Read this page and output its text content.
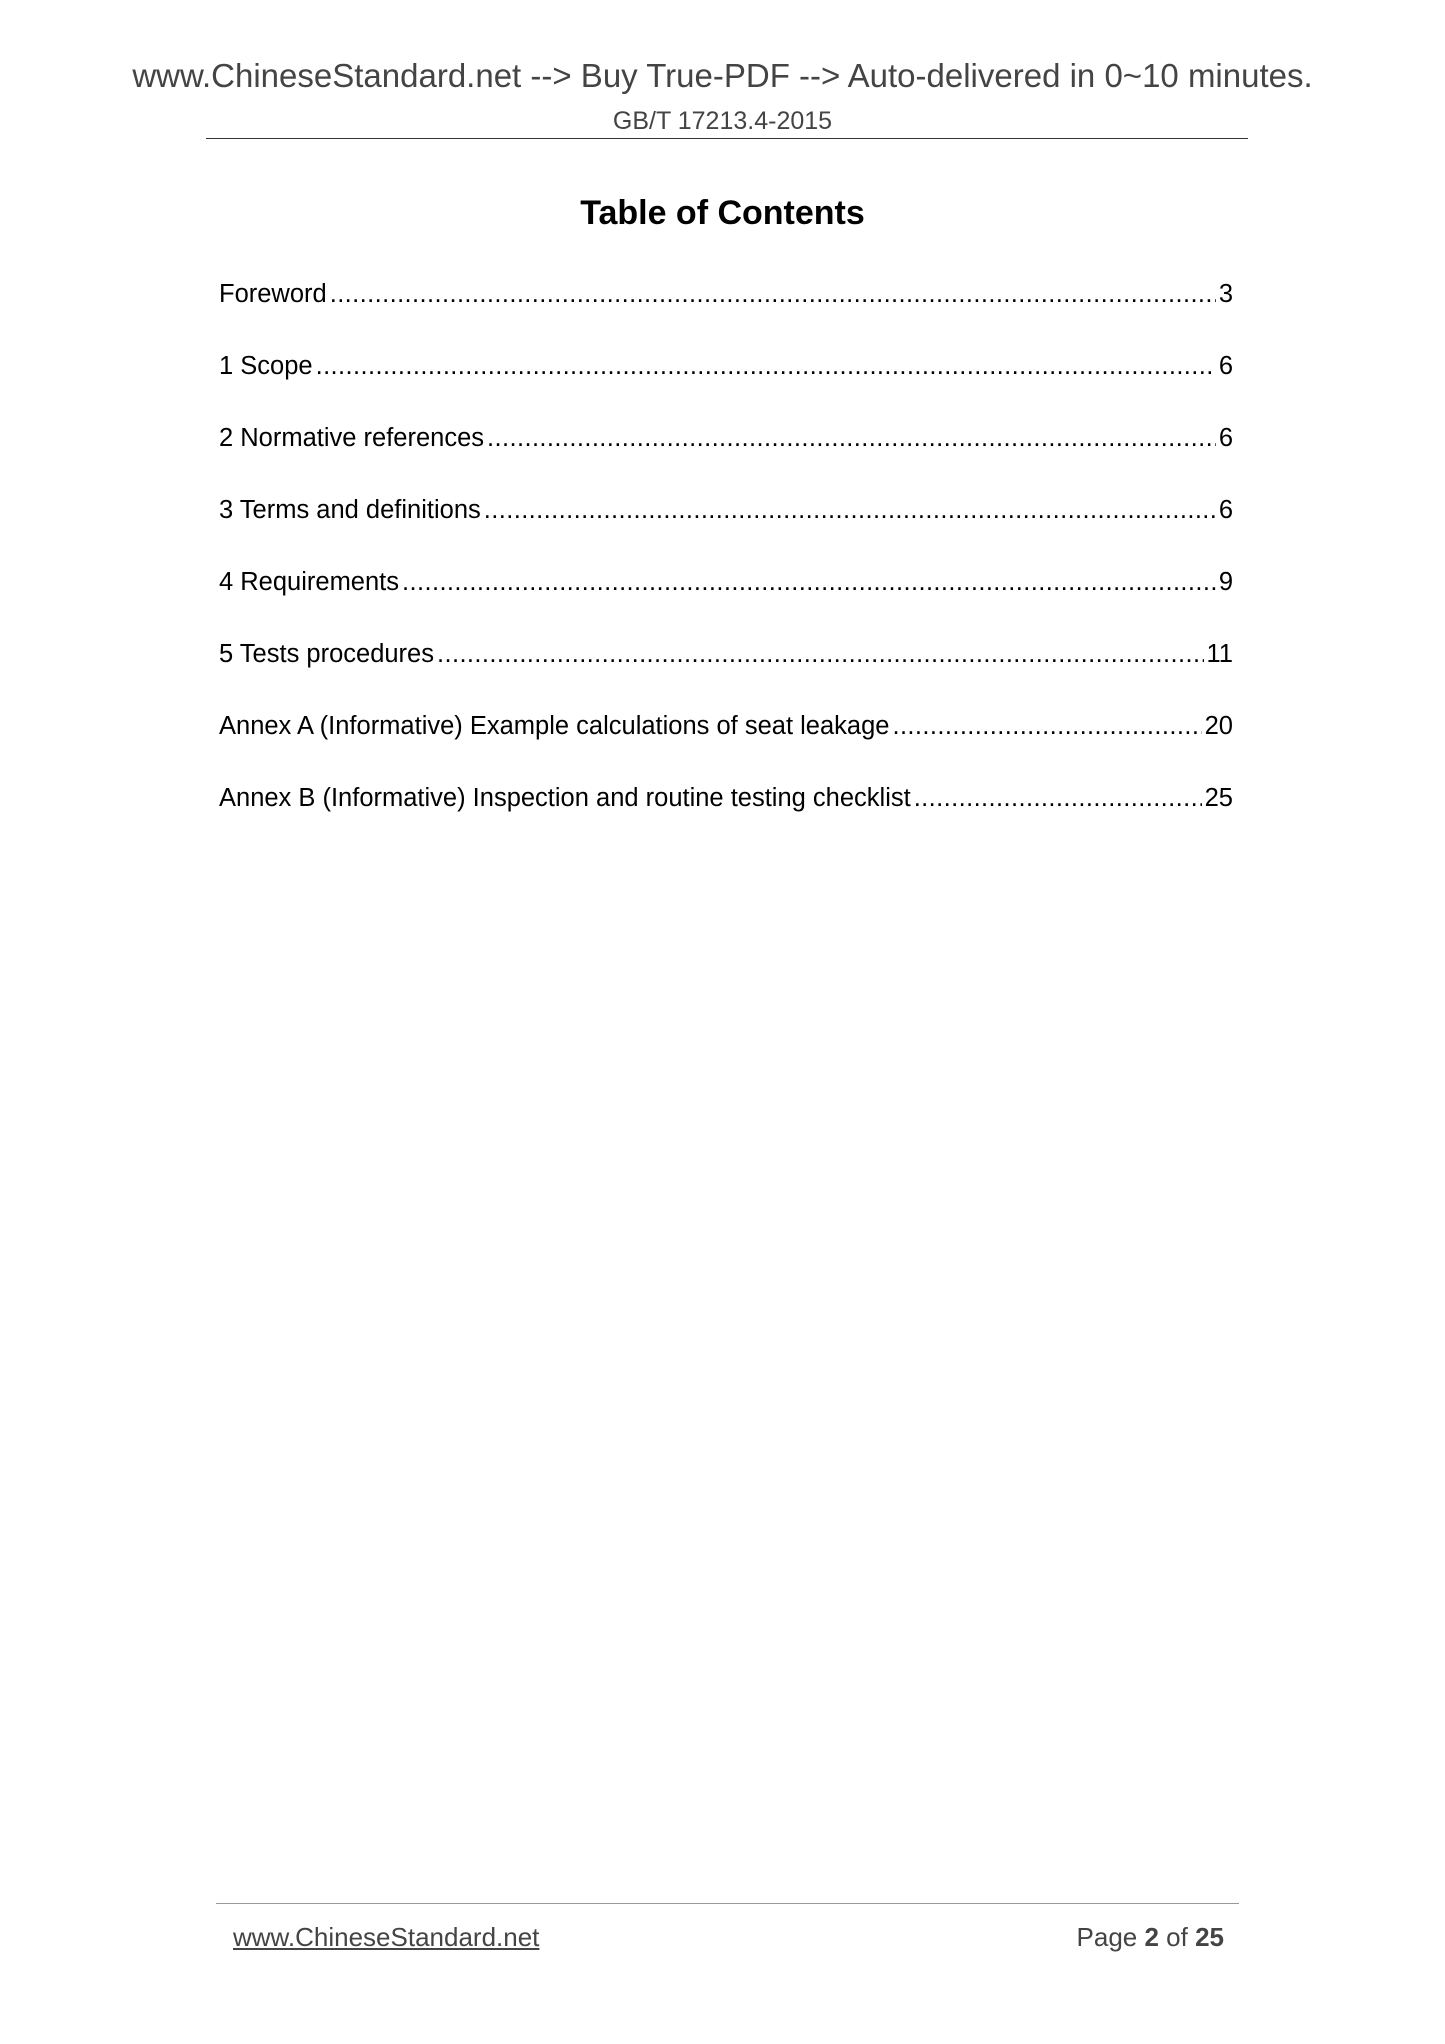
www.ChineseStandard.net --> Buy True-PDF --> Auto-delivered in 0~10 minutes.
GB/T 17213.4-2015
Table of Contents
Foreword .....	3
1 Scope .....	6
2 Normative references .....	6
3 Terms and definitions .....	6
4 Requirements .....	9
5 Tests procedures .....	11
Annex A (Informative) Example calculations of seat leakage .....	20
Annex B (Informative) Inspection and routine testing checklist .....	25
www.ChineseStandard.net	Page 2 of 25
